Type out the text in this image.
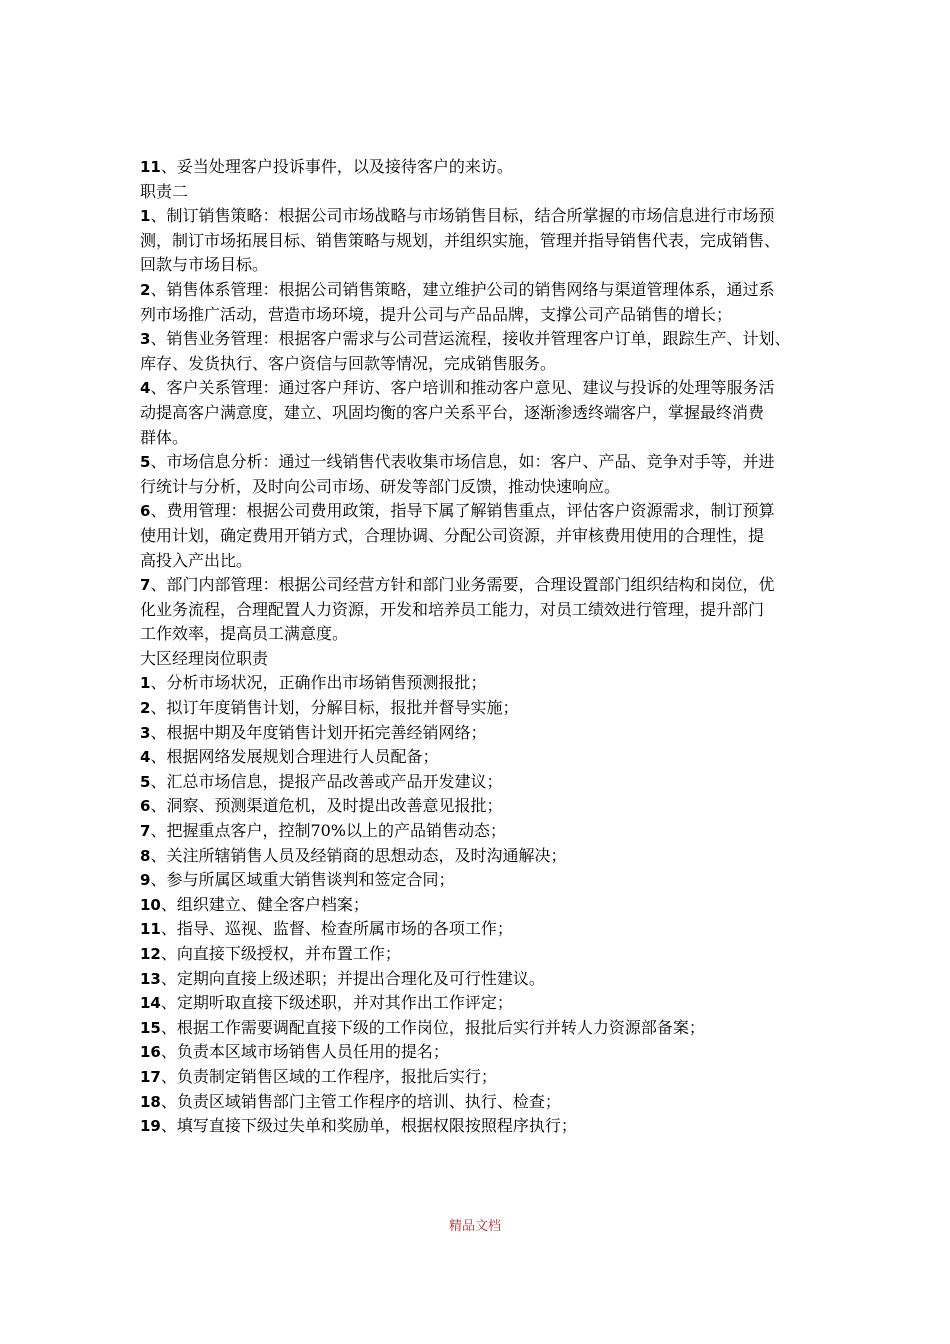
11、妥当处理客户投诉事件，以及接待客户的来访。
职责二
1、制订销售策略：根据公司市场战略与市场销售目标，结合所掌握的市场信息进行市场预
测，制订市场拓展目标、销售策略与规划，并组织实施，管理并指导销售代表，完成销售、
回款与市场目标。
2、销售体系管理：根据公司销售策略，建立维护公司的销售网络与渠道管理体系，通过系
列市场推广活动，营造市场环境，提升公司与产品品牌，支撑公司产品销售的增长；
3、销售业务管理：根据客户需求与公司营运流程，接收并管理客户订单，跟踪生产、计划、
库存、发货执行、客户资信与回款等情况，完成销售服务。
4、客户关系管理：通过客户拜访、客户培训和推动客户意见、建议与投诉的处理等服务活
动提高客户满意度，建立、巩固均衡的客户关系平台，逐渐渗透终端客户，掌握最终消费
群体。
5、市场信息分析：通过一线销售代表收集市场信息，如：客户、产品、竞争对手等，并进
行统计与分析，及时向公司市场、研发等部门反馈，推动快速响应。
6、费用管理：根据公司费用政策，指导下属了解销售重点，评估客户资源需求，制订预算
使用计划，确定费用开销方式，合理协调、分配公司资源，并审核费用使用的合理性，提
高投入产出比。
7、部门内部管理：根据公司经营方针和部门业务需要，合理设置部门组织结构和岗位，优
化业务流程，合理配置人力资源，开发和培养员工能力，对员工绩效进行管理，提升部门
工作效率，提高员工满意度。
大区经理岗位职责
1、分析市场状况，正确作出市场销售预测报批；
2、拟订年度销售计划，分解目标，报批并督导实施；
3、根据中期及年度销售计划开拓完善经销网络；
4、根据网络发展规划合理进行人员配备；
5、汇总市场信息，提报产品改善或产品开发建议；
6、洞察、预测渠道危机，及时提出改善意见报批；
7、把握重点客户，控制70%以上的产品销售动态；
8、关注所辖销售人员及经销商的思想动态，及时沟通解决；
9、参与所属区域重大销售谈判和签定合同；
10、组织建立、健全客户档案；
11、指导、巡视、监督、检查所属市场的各项工作；
12、向直接下级授权，并布置工作；
13、定期向直接上级述职；并提出合理化及可行性建议。
14、定期听取直接下级述职，并对其作出工作评定；
15、根据工作需要调配直接下级的工作岗位，报批后实行并转人力资源部备案；
16、负责本区域市场销售人员任用的提名；
17、负责制定销售区域的工作程序，报批后实行；
18、负责区域销售部门主管工作程序的培训、执行、检查；
19、填写直接下级过失单和奖励单，根据权限按照程序执行；
精品文档
